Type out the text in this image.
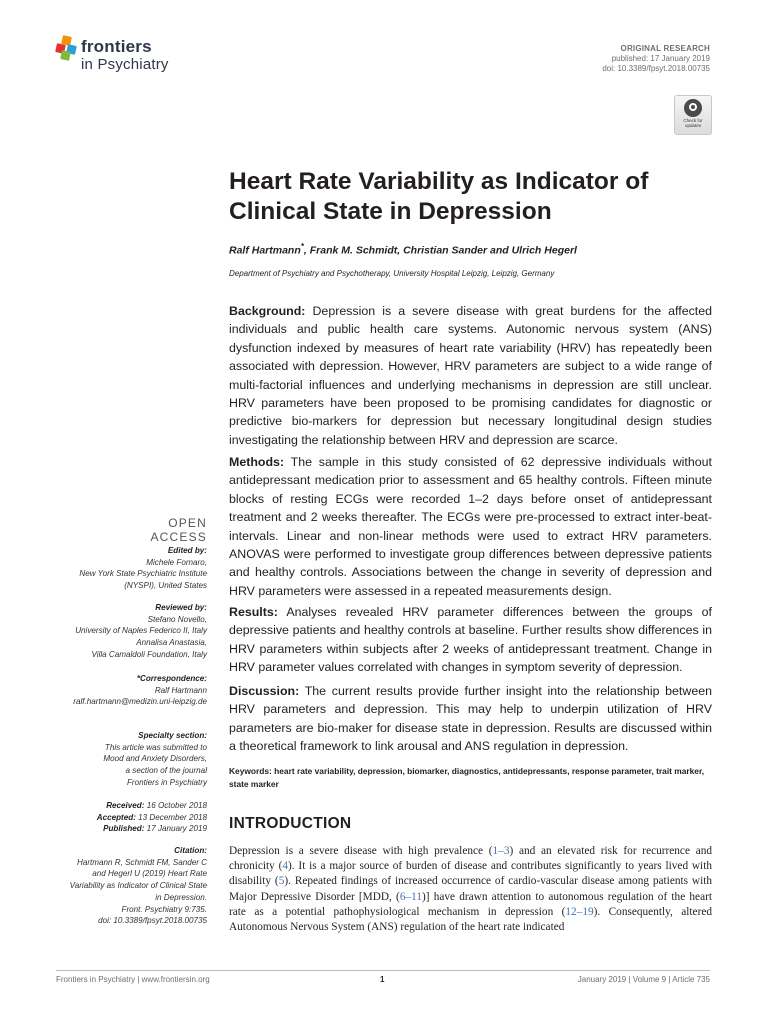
frontiers
in Psychiatry
ORIGINAL RESEARCH
published: 17 January 2019
doi: 10.3389/fpsyt.2018.00735
Check for
updates
Heart Rate Variability as Indicator of
Clinical State in Depression
Ralf Hartmann*, Frank M. Schmidt, Christian Sander and Ulrich Hegerl
Department of Psychiatry and Psychotherapy, University Hospital Leipzig, Leipzig, Germany
Background: Depression is a severe disease with great burdens for the affected individuals and public health care systems. Autonomic nervous system (ANS) dysfunction indexed by measures of heart rate variability (HRV) has repeatedly been associated with depression. However, HRV parameters are subject to a wide range of multi-factorial influences and underlying mechanisms in depression are still unclear. HRV parameters have been proposed to be promising candidates for diagnostic or predictive bio-markers for depression but necessary longitudinal design studies investigating the relationship between HRV and depression are scarce.
Methods: The sample in this study consisted of 62 depressive individuals without antidepressant medication prior to assessment and 65 healthy controls. Fifteen minute blocks of resting ECGs were recorded 1–2 days before onset of antidepressant treatment and 2 weeks thereafter. The ECGs were pre-processed to extract inter-beat-intervals. Linear and non-linear methods were used to extract HRV parameters. ANOVAS were performed to investigate group differences between depressive patients and healthy controls. Associations between the change in severity of depression and HRV parameters were assessed in a repeated measurements design.
Results: Analyses revealed HRV parameter differences between the groups of depressive patients and healthy controls at baseline. Further results show differences in HRV parameters within subjects after 2 weeks of antidepressant treatment. Change in HRV parameter values correlated with changes in symptom severity of depression.
Discussion: The current results provide further insight into the relationship between HRV parameters and depression. This may help to underpin utilization of HRV parameters are bio-maker for disease state in depression. Results are discussed within a theoretical framework to link arousal and ANS regulation in depression.
Keywords: heart rate variability, depression, biomarker, diagnostics, antidepressants, response parameter, trait marker, state marker
INTRODUCTION
Depression is a severe disease with high prevalence (1–3) and an elevated risk for recurrence and chronicity (4). It is a major source of burden of disease and contributes significantly to years lived with disability (5). Repeated findings of increased occurrence of cardio-vascular disease among patients with Major Depressive Disorder [MDD, (6–11)] have drawn attention to autonomous regulation of the heart rate as a potential pathophysiological mechanism in depression (12–19). Consequently, altered Autonomous Nervous System (ANS) regulation of the heart rate indicated
OPEN ACCESS
Edited by:
Michele Fornaro,
New York State Psychiatric Institute
(NYSPI), United States
Reviewed by:
Stefano Novello,
University of Naples Federico II, Italy
Annalisa Anastasia,
Villa Camaldoli Foundation, Italy
*Correspondence:
Ralf Hartmann
ralf.hartmann@medizin.uni-leipzig.de
Specialty section:
This article was submitted to
Mood and Anxiety Disorders,
a section of the journal
Frontiers in Psychiatry
Received: 16 October 2018
Accepted: 13 December 2018
Published: 17 January 2019
Citation:
Hartmann R, Schmidt FM, Sander C
and Hegerl U (2019) Heart Rate
Variability as Indicator of Clinical State
in Depression.
Front. Psychiatry 9:735.
doi: 10.3389/fpsyt.2018.00735
Frontiers in Psychiatry | www.frontiersin.org	1	January 2019 | Volume 9 | Article 735
